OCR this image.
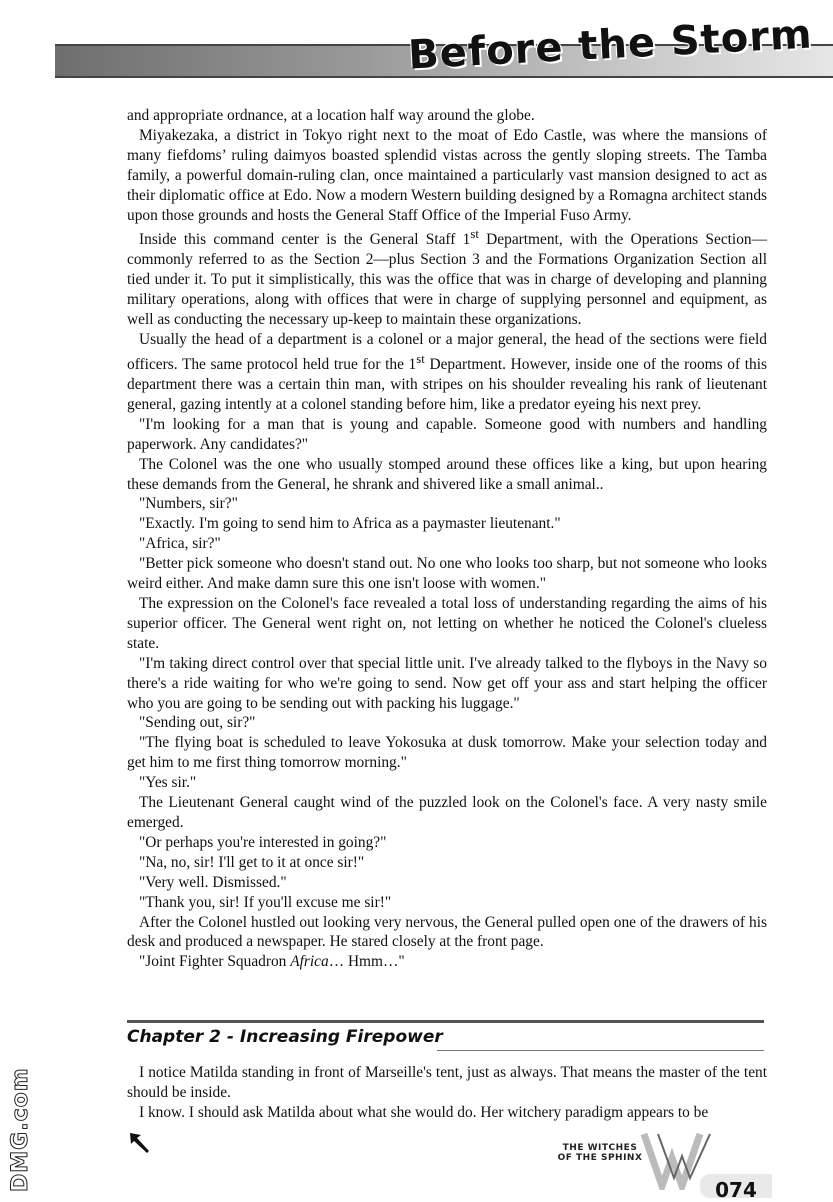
Before the Storm

and appropriate ordnance, at a location half way around the globe.

Miyakezaka, a district in Tokyo right next to the moat of Edo Castle, was where the mansions of many fiefdoms’ ruling daimyos boasted splendid vistas across the gently sloping streets. The Tamba family, a powerful domain-ruling clan, once maintained a particularly vast mansion designed to act as their diplomatic office at Edo. Now a modern Western building designed by a Romagna architect stands upon those grounds and hosts the General Staff Office of the Imperial Fuso Army.

Inside this command center is the General Staff 1st Department, with the Operations Section—commonly referred to as the Section 2—plus Section 3 and the Formations Organization Section all tied under it. To put it simplistically, this was the office that was in charge of developing and planning military operations, along with offices that were in charge of supplying personnel and equipment, as well as conducting the necessary up-keep to maintain these organizations.

Usually the head of a department is a colonel or a major general, the head of the sections were field officers. The same protocol held true for the 1st Department. However, inside one of the rooms of this department there was a certain thin man, with stripes on his shoulder revealing his rank of lieutenant general, gazing intently at a colonel standing before him, like a predator eyeing his next prey.

"I'm looking for a man that is young and capable. Someone good with numbers and handling paperwork. Any candidates?"

The Colonel was the one who usually stomped around these offices like a king, but upon hearing these demands from the General, he shrank and shivered like a small animal..

"Numbers, sir?"

"Exactly. I'm going to send him to Africa as a paymaster lieutenant."

"Africa, sir?"

"Better pick someone who doesn't stand out. No one who looks too sharp, but not someone who looks weird either. And make damn sure this one isn't loose with women."

The expression on the Colonel's face revealed a total loss of understanding regarding the aims of his superior officer. The General went right on, not letting on whether he noticed the Colonel's clueless state.

"I'm taking direct control over that special little unit. I've already talked to the flyboys in the Navy so there's a ride waiting for who we're going to send. Now get off your ass and start helping the officer who you are going to be sending out with packing his luggage."

"Sending out, sir?"

"The flying boat is scheduled to leave Yokosuka at dusk tomorrow. Make your selection today and get him to me first thing tomorrow morning."

"Yes sir."

The Lieutenant General caught wind of the puzzled look on the Colonel's face. A very nasty smile emerged.

"Or perhaps you're interested in going?"

"Na, no, sir! I'll get to it at once sir!"

"Very well. Dismissed."

"Thank you, sir! If you'll excuse me sir!"

After the Colonel hustled out looking very nervous, the General pulled open one of the drawers of his desk and produced a newspaper. He stared closely at the front page.

"Joint Fighter Squadron Africa… Hmm…"

Chapter 2 - Increasing Firepower

I notice Matilda standing in front of Marseille's tent, just as always. That means the master of the tent should be inside.

I know. I should ask Matilda about what she would do. Her witchery paradigm appears to be

DMG.com	THE WITCHES
OF THE SPHINX
074
